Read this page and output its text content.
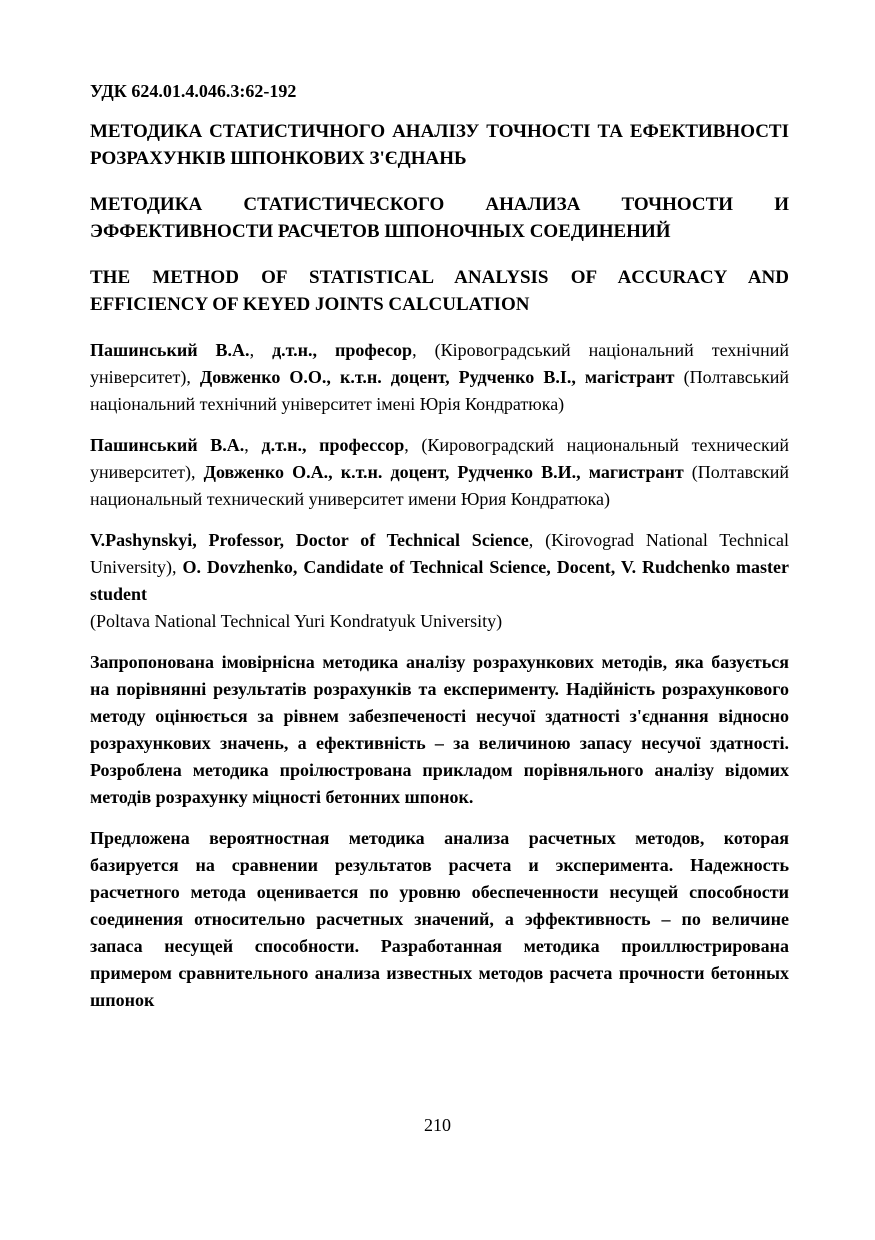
УДК 624.01.4.046.3:62-192

МЕТОДИКА СТАТИСТИЧНОГО АНАЛІЗУ ТОЧНОСТІ ТА ЕФЕКТИВНОСТІ РОЗРАХУНКІВ ШПОНКОВИХ З'ЄДНАНЬ

МЕТОДИКА СТАТИСТИЧЕСКОГО АНАЛИЗА ТОЧНОСТИ И ЭФФЕКТИВНОСТИ РАСЧЕТОВ ШПОНОЧНЫХ СОЕДИНЕНИЙ

THE METHOD OF STATISTICAL ANALYSIS OF ACCURACY AND EFFICIENCY OF KEYED JOINTS CALCULATION

Пашинський В.А., д.т.н., професор, (Кіровоградський національний технічний університет), Довженко О.О., к.т.н. доцент, Рудченко В.І., магістрант (Полтавський національний технічний університет імені Юрія Кондратюка)

Пашинський В.А., д.т.н., профессор, (Кировоградский национальный технический университет), Довженко О.А., к.т.н. доцент, Рудченко В.И., магистрант (Полтавский национальный технический университет имени Юрия Кондратюка)

V.Pashynskyi, Professor, Doctor of Technical Science, (Kirovograd National Technical University), O. Dovzhenko, Candidate of Technical Science, Docent, V. Rudchenko master student
(Poltava National Technical Yuri Kondratyuk University)

Запропонована імовірнісна методика аналізу розрахункових методів, яка базується на порівнянні результатів розрахунків та експерименту. Надійність розрахункового методу оцінюється за рівнем забезпеченості несучої здатності з'єднання відносно розрахункових значень, а ефективність – за величиною запасу несучої здатності. Розроблена методика проілюстрована прикладом порівняльного аналізу відомих методів розрахунку міцності бетонних шпонок.

Предложена вероятностная методика анализа расчетных методов, которая базируется на сравнении результатов расчета и эксперимента. Надежность расчетного метода оценивается по уровню обеспеченности несущей способности соединения относительно расчетных значений, а эффективность – по величине запаса несущей способности. Разработанная методика проиллюстрирована примером сравнительного анализа известных методов расчета прочности бетонных шпонок

210
